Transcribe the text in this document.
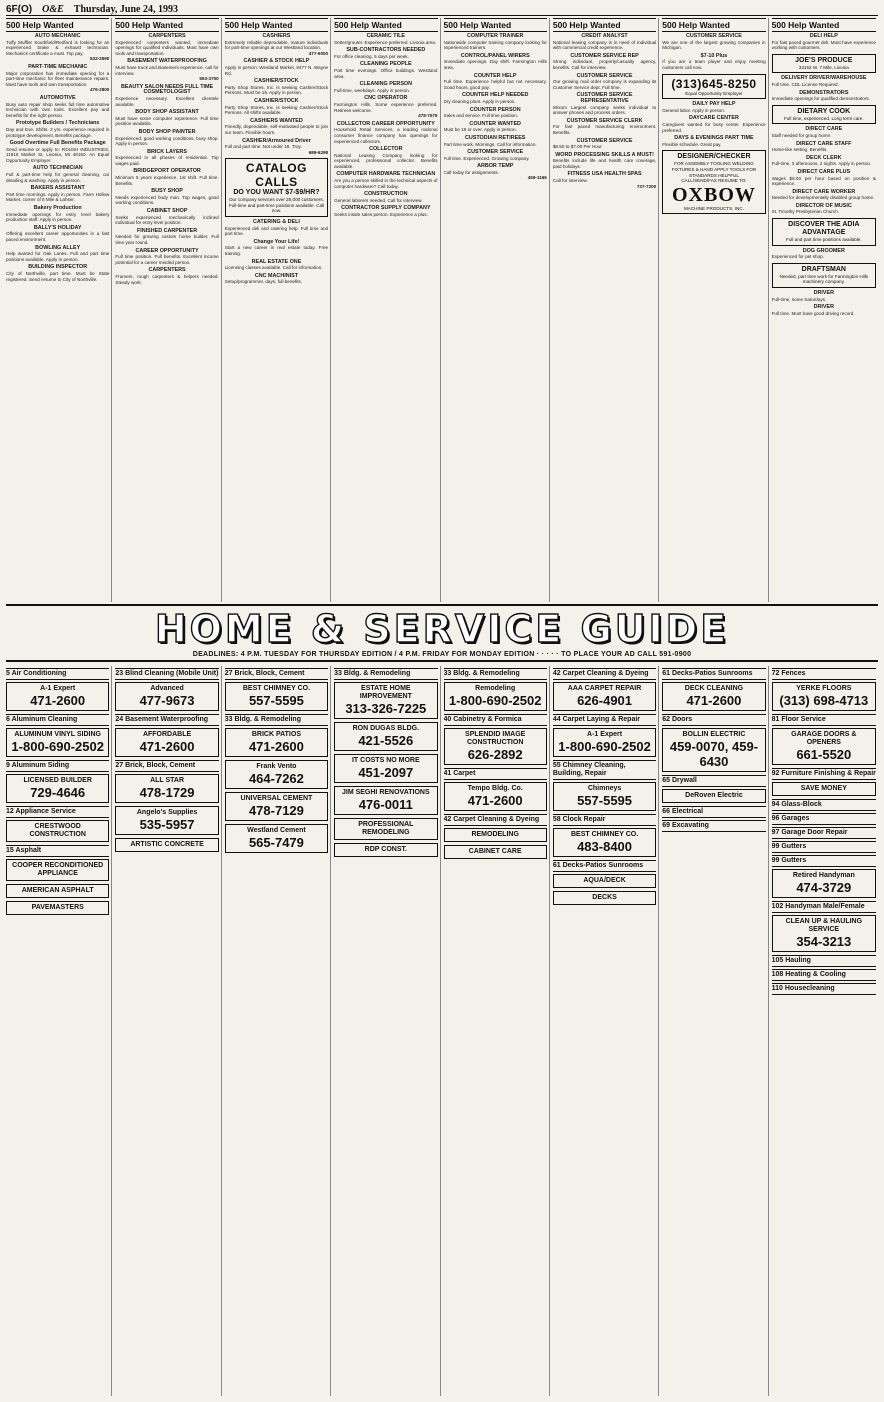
6F(O) O&E Thursday, June 24, 1993
500 Help Wanted
AUTO MECHANIC
Tuffy Muffler Southfield/Redford is looking for an experienced brake & exhaust technician. Mechanics certificate a must. Top pay.
532-3590
PART-TIME MECHANIC
Major corporation has immediate opening for a part-time mechanic for fleet maintenance repairs. Must have tools and own transportation.
476-2800
AUTOMOTIVE
Busy auto repair shop seeks full time automotive technician with own tools. Excellent pay and benefits for the right person.
Prototype Builders / Technicians
Day and Eve. Shifts. 2 yrs. experience required in prototype development. Benefits package.
Good Overtime Full Benefits Package
Send resume or apply to: ROUSH INDUSTRIES, 11916 Market St, Livonia, MI 48150. An Equal Opportunity Employer
AUTO TECHNICIAN
Full & part-time help for general cleaning, car detailing & washing. Apply in person.
BAKERS ASSISTANT
Part time mornings. Apply in person. Farm Hollow Market, corner of 8 Mile & Lahser.
Bakery Production
Immediate openings for entry level bakery production staff. Apply in person.
BALLY'S HOLIDAY
Offering excellent career opportunities in a fast paced environment.
BOWLING ALLEY
Help wanted for Oak Lanes. Full and part time positions available. Apply in person.
BUILDING INSPECTOR
City of Northville, part time. Must be State registered. Send resume to City of Northville.
500 Help Wanted
CARPENTERS
Experienced carpenters wanted, immediate openings for qualified individuals. Must have own tools and transportation.
BASEMENT WATERPROOFING
Must have truck and Basement experience, call for interview.
553-3700
BEAUTY SALON NEEDS FULL TIME COSMETOLOGIST
Experience necessary. Excellent clientele available.
BODY SHOP ASSISTANT
Must have some computer experience. Full time position available.
BODY SHOP PAINTER
Experienced, good working conditions, busy shop. Apply in person.
BRICK LAYERS
Experienced in all phases of residential. Top wages paid.
BRIDGEPORT OPERATOR
Minimum 5 years experience. 1st shift. Full time. Benefits.
BUSY SHOP
Needs experienced body man. Top wages, good working conditions.
CABINET SHOP
Seeks experienced mechanically inclined individual for entry level position.
FINISHED CARPENTER
Needed for growing custom home builder. Full time year round.
CAREER OPPORTUNITY
Full time position. Full benefits. Excellent income potential for a career minded person.
CARPENTERS
Framers, rough carpenters & helpers needed. Steady work.
500 Help Wanted
CASHIERS
Extremely reliable dependable, mature individuals for part-time openings at our Westland location.
477-6000
CASHIER & STOCK HELP
Apply in person: Westland Market, 8477 N. Wayne Rd.
CASHIER/STOCK
Party Shop Stores, Inc. is seeking Cashier/Stock Persons. Must be 18. Apply in person.
CASHIER/STOCK
Party Shop Stores, Inc. is seeking Cashier/Stock Persons. All shifts available.
CASHIERS WANTED
Friendly, dependable, self-motivated people to join our team. Flexible hours.
CASHIER/Armoured Driver
Full and part time. Not under 18. Troy.
689-6298
CATALOG CALLS
DO YOU WANT $7-$9/HR?
Our company services over 25,000 customers. Full-time and part-time positions available. Call now.
CATERING & DELI
Experienced deli and catering help. Full time and part time.
Change Your Life!
Start a new career in real estate today. Free training.
REAL ESTATE ONE
Licensing classes available. Call for information.
CNC MACHINIST
Setup/programmer, days, full benefits.
500 Help Wanted
CERAMIC TILE
Setter/grouter. Experience preferred. Livonia area.
SUB-CONTRACTORS NEEDED
For office cleaning. 5 days per week.
CLEANING PEOPLE
Part time evenings. Office buildings. Westland area.
CLEANING PERSON
Full-time, weekdays. Apply in person.
CNC OPERATOR
Farmington Hills. Some experience preferred. Retirees welcome.
478-7575
COLLECTOR CAREER OPPORTUNITY
Household Retail Services, a leading national consumer finance company has openings for experienced collectors.
COLLECTOR
National Leasing Company looking for experienced, professional collector. Benefits available.
COMPUTER HARDWARE TECHNICIAN
Are you a person skilled in the technical aspects of computer hardware? Call today.
CONSTRUCTION
General laborers needed. Call for interview.
CONTRACTOR SUPPLY COMPANY
Seeks inside sales person. Experience a plus.
500 Help Wanted
COMPUTER TRAINER
Nationwide computer training company looking for experienced trainers.
CONTROL/PANEL WIRERS
Immediate openings. Day shift. Farmington Hills area.
COUNTER HELP
Full time. Experience helpful but not necessary. Good hours, good pay.
COUNTER HELP NEEDED
Dry cleaning plant. Apply in person.
COUNTER PERSON
Sales and service. Full time position.
COUNTER WANTED
Must be 18 or over. Apply in person.
CUSTODIAN RETIREES
Part time work. Mornings. Call for information.
CUSTOMER SERVICE
Full time. Experienced. Growing company.
ARBOR TEMP
Call today for assignments.
459-1166
500 Help Wanted
CREDIT ANALYST
National leasing company is in need of individual with commercial credit experience.
CUSTOMER SERVICE REP
Strong individual, property/casualty agency, benefits. Call for interview.
CUSTOMER SERVICE
Our growing mail order company is expanding its Customer Service dept. Full time.
CUSTOMER SERVICE REPRESENTATIVE
Wixom Largest company seeks individual to answer phones and process orders.
CUSTOMER SERVICE CLERK
For fast paced manufacturing environment. Benefits.
CUSTOMER SERVICE
$8.50 to $7.00 Per Hour
WORD PROCESSING SKILLS A MUST!
Benefits include life and health care coverage, paid holidays.
FITNESS USA HEALTH SPAS
Call for interview.
737-7200
500 Help Wanted
CUSTOMER SERVICE
We are one of the largest growing companies in Michigan.
$7-10 Plus
If you are a team player and enjoy meeting customers call now.
(313)645-8250
Equal Opportunity Employer
DAILY PAY HELP
General labor. Apply in person.
DAYCARE CENTER
Caregivers wanted for busy center. Experience preferred.
DAYS & EVENINGS PART TIME
Flexible schedule. Great pay.
DESIGNER/CHECKER
FOR ASSEMBLY TOOLING WELDING FIXTURES & HAND APPLY TOOLS FOR STANDARDS HELPFUL
CALL/SEND/FAX RESUME TO:
OXBOW
MACHINE PRODUCTS, INC.
500 Help Wanted
DELI HELP
For fast paced gourmet deli. Must have experience working with customers.
JOE'S PRODUCE
33152 W. 7 Mile, Livonia
DELIVERY DRIVER/WAREHOUSE
Full time. CDL License Required.
DEMONSTRATORS
Immediate openings for qualified demonstrators.
DIETARY COOK
Full time, experienced. Long term care.
DIRECT CARE
Staff needed for group home.
DIRECT CARE STAFF
Home-like setting. Benefits.
DECK CLERK
Full-time, 3 afternoons, 2 nights. Apply in person.
DIRECT CARE PLUS
Wages $6.00 per hour based on position & experience.
DIRECT CARE WORKER
Needed for developmentally disabled group home.
DIRECTOR OF MUSIC
St. Timothy Presbyterian Church.
DISCOVER THE ADIA ADVANTAGE
Full and part time positions available.
DOG GROOMER
Experienced for pet shop.
DRAFTSMAN
Needed, part time work for Farmington Hills machinery company.
DRIVER
Full-time, some Saturdays.
DRIVER
Full time. Must have good driving record.
HOME & SERVICE GUIDE
DEADLINES: 4 P.M. TUESDAY FOR THURSDAY EDITION / 4 P.M. FRIDAY FOR MONDAY EDITION · · · · · TO PLACE YOUR AD CALL 591-0900
5 Air Conditioning
A-1 Expert
471-2600
6 Aluminum Cleaning
ALUMINUM VINYL SIDING
1-800-690-2502
9 Aluminum Siding
LICENSED BUILDER
729-4646
12 Appliance Service
CRESTWOOD CONSTRUCTION
15 Asphalt
COOPER RECONDITIONED APPLIANCE
AMERICAN ASPHALT
PAVEMASTERS
23 Blind Cleaning (Mobile Unit)
Advanced
477-9673
24 Basement Waterproofing
AFFORDABLE
471-2600
27 Brick, Block, Cement
ALL STAR
478-1729
Angelo's Supplies
535-5957
ARTISTIC CONCRETE
27 Brick, Block, Cement
BEST CHIMNEY CO.
557-5595
33 Bldg. & Remodeling
BRICK PATIOS
471-2600
Frank Vento
464-7262
UNIVERSAL CEMENT
478-7129
Westland Cement
565-7479
33 Bldg. & Remodeling
ESTATE HOME IMPROVEMENT
313-326-7225
RON DUGAS BLDG.
421-5526
IT COSTS NO MORE
451-2097
JIM SEGHI RENOVATIONS
476-0011
PROFESSIONAL REMODELING
RDP CONST.
33 Bldg. & Remodeling
Remodeling
1-800-690-2502
40 Cabinetry & Formica
SPLENDID IMAGE CONSTRUCTION
626-2892
41 Carpet
Tempo Bldg. Co.
471-2600
42 Carpet Cleaning & Dyeing
REMODELING
CABINET CARE
42 Carpet Cleaning & Dyeing
AAA CARPET REPAIR
626-4901
44 Carpet Laying & Repair
A-1 Expert
1-800-690-2502
55 Chimney Cleaning, Building, Repair
Chimneys
557-5595
58 Clock Repair
BEST CHIMNEY CO.
483-8400
61 Decks-Patios Sunrooms
AQUA/DECK
DECKS
61 Decks-Patios Sunrooms
DECK CLEANING
471-2600
62 Doors
BOLLIN ELECTRIC
459-0070, 459-6430
65 Drywall
DeRoven Electric
66 Electrical
69 Excavating
72 Fences
YERKE FLOORS
(313) 698-4713
81 Floor Service
GARAGE DOORS & OPENERS
661-5520
92 Furniture Finishing & Repair
SAVE MONEY
94 Glass-Block
96 Garages
97 Garage Door Repair
99 Gutters
99 Gutters
Retired Handyman
474-3729
102 Handyman Male/Female
CLEAN UP & HAULING SERVICE
354-3213
105 Hauling
108 Heating & Cooling
110 Housecleaning
